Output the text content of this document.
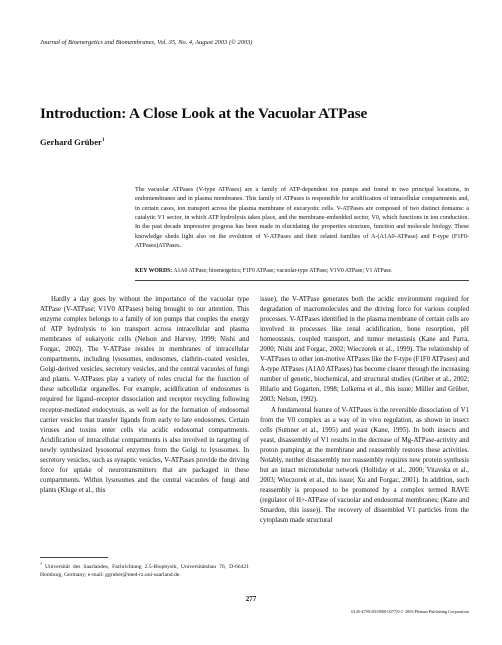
Journal of Bioenergetics and Biomembranes, Vol. 35, No. 4, August 2003 (© 2003)
Introduction: A Close Look at the Vacuolar ATPase
Gerhard Grüber$^1$

The vacuolar ATPases (V-type ATPases) are a family of ATP-dependent ion pumps and found in two principal locations, in endomembranes and in plasma membranes. This family of ATPases is responsible for acidification of intracellular compartments and, in certain cases, ion transport across the plasma membrane of eucaryotic cells. V-ATPases are composed of two distinct domains: a catalytic V1 sector, in which ATP hydrolysis takes place, and the membrane-embedded sector, V0, which functions in ion conduction. In the past decade impressive progress has been made in elucidating the properties structure, function and molecule biology. These knowledge sheds light also on the evolution of V-ATPases and their related families of A-(A1A0-ATPase) and F-type (F1F0-ATPases)ATPases.

KEY WORDS: A1A0 ATPase; bioenergetics; F1F0 ATPase; vacuolar-type ATPase; V1V0 ATPase; V1 ATPase.

Hardly a day goes by without the importance of the vacuolar type ATPase (V-ATPase; V1V0 ATPases) being brought to our attention. This enzyme complex belongs to a family of ion pumps that couples the energy of ATP hydrolysis to ion transport across intracellular and plasma membranes of eukaryotic cells (Nelson and Harvey, 1999; Nishi and Forgac, 2002). The V-ATPase resides in membranes of intracellular compartments, including lysosomes, endosomes, clathrin-coated vesicles, Golgi-derived vesicles, secretory vesicles, and the central vacuoles of fungi and plants. V-ATPases play a variety of roles crucial for the function of these subcellular organelles. For example, acidification of endosomes is required for ligand–receptor dissociation and receptor recycling following receptor-mediated endocytosis, as well as for the formation of endosomal carrier vesicles that transfer ligands from early to late endosomes. Certain viruses and toxins enter cells via acidic endosomal compartments. Acidification of intracellular compartments is also involved in targeting of newly synthesized lysosomal enzymes from the Golgi to lysosomes. In secretory vesicles, such as synaptic vesicles, V-ATPases provide the driving force for uptake of neurotransmitters that are packaged in these compartments. Within lysosomes and the central vacuoles of fungi and plants (Kluge et al., this

issue), the V-ATPase generates both the acidic environment required for degradation of macromolecules and the driving force for various coupled processes. V-ATPases identified in the plasma membrane of certain cells are involved in processes like renal acidification, bone resorption, pH homeostasis, coupled transport, and tumor metastasis (Kane and Parra, 2000; Nishi and Forgac, 2002; Wieczorek et al., 1999). The relationship of V-ATPases to other ion-motive ATPases like the F-type (F1F0 ATPases) and A-type ATPases (A1A0 ATPases) has become clearer through the increasing number of genetic, biochemical, and structural studies (Grüber et al., 2002; Hilario and Gogarten, 1998; Lolkema et al., this issue; Müller and Grüber, 2003; Nelson, 1992).

A fundamental feature of V-ATPases is the reversible dissociation of V1 from the V0 complex as a way of in vivo regulation, as shown in insect cells (Sumner et al., 1995) and yeast (Kane, 1995). In both insects and yeast, disassembly of V1 results in the decrease of Mg-ATPase-activity and proton pumping at the membrane and reassembly restores these activities. Notably, neither disassembly nor reassembly requires new protein synthesis but an intact microtubular network (Holliday et al., 2000; Vitavska et al., 2003; Wieczorek et al., this issue; Xu and Forgac, 2001). In addition, such reassembly is proposed to be promoted by a complex termed RAVE (regulator of H+-ATPase of vacuolar and endosomal membranes; (Kane and Smardon, this issue)). The recovery of dissembled V1 particles from the cytoplasm made structural

$^1$ Universität des Saarlandes, Fachrichtung 2.5-Biophysik, Universitätsbau 76, D-66421 Homburg, Germany; e-mail: ggruber@med-rz.uni-saarland.de.

277
0145-479X/03/0800-0277/0 © 2003 Plenum Publishing Corporation
